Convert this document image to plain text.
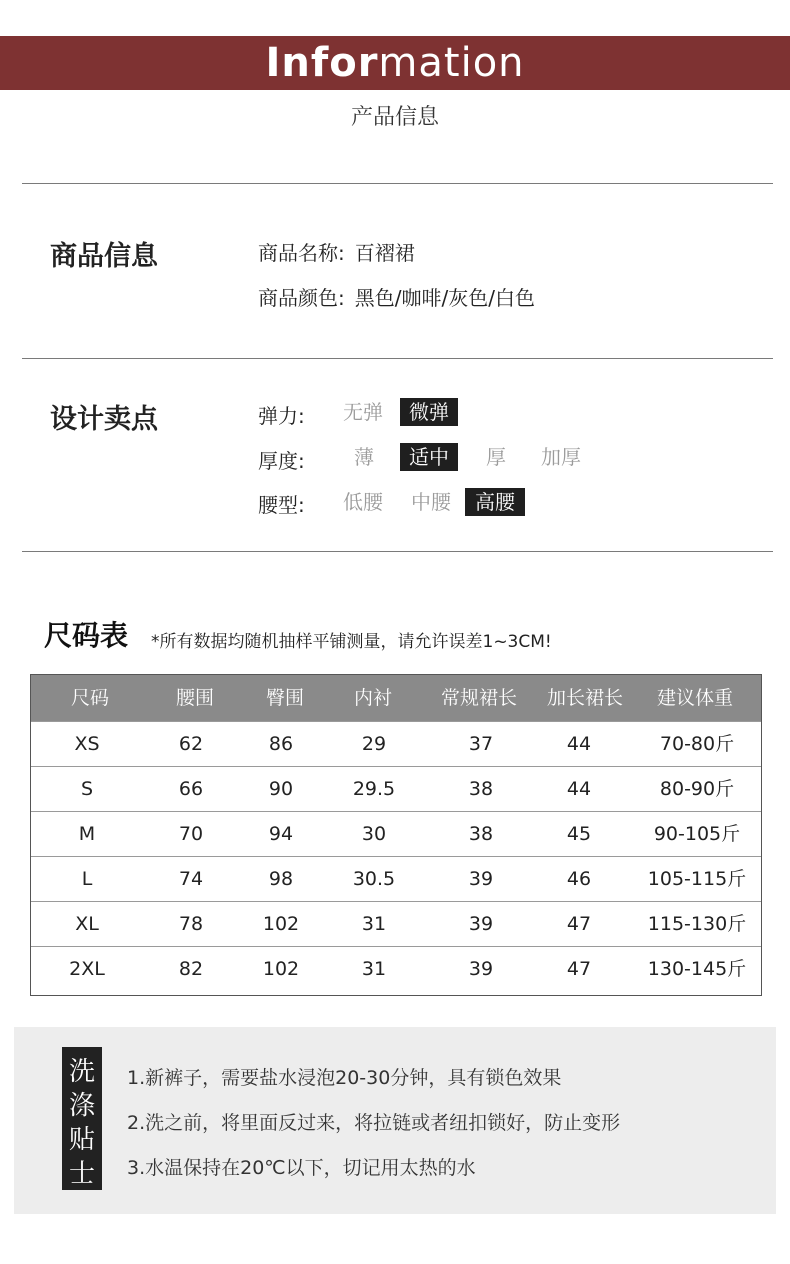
Information
产品信息
商品信息	商品名称: 百褶裙
商品颜色: 黑色/咖啡/灰色/白色
设计卖点	弹力:	无弹	微弹
厚度:	薄	适中	厚	加厚
腰型:	低腰	中腰	高腰
尺码表 *所有数据均随机抽样平铺测量，请允许误差1~3CM!
尺码	腰围	臀围	内衬	常规裙长	加长裙长	建议体重
XS	62	86	29	37	44	70-80斤
S	66	90	29.5	38	44	80-90斤
M	70	94	30	38	45	90-105斤
L	74	98	30.5	39	46	105-115斤
XL	78	102	31	39	47	115-130斤
2XL	82	102	31	39	47	130-145斤
洗
涤
贴
士
1.新裤子，需要盐水浸泡20-30分钟，具有锁色效果
2.洗之前，将里面反过来，将拉链或者纽扣锁好，防止变形
3.水温保持在20℃以下，切记用太热的水
